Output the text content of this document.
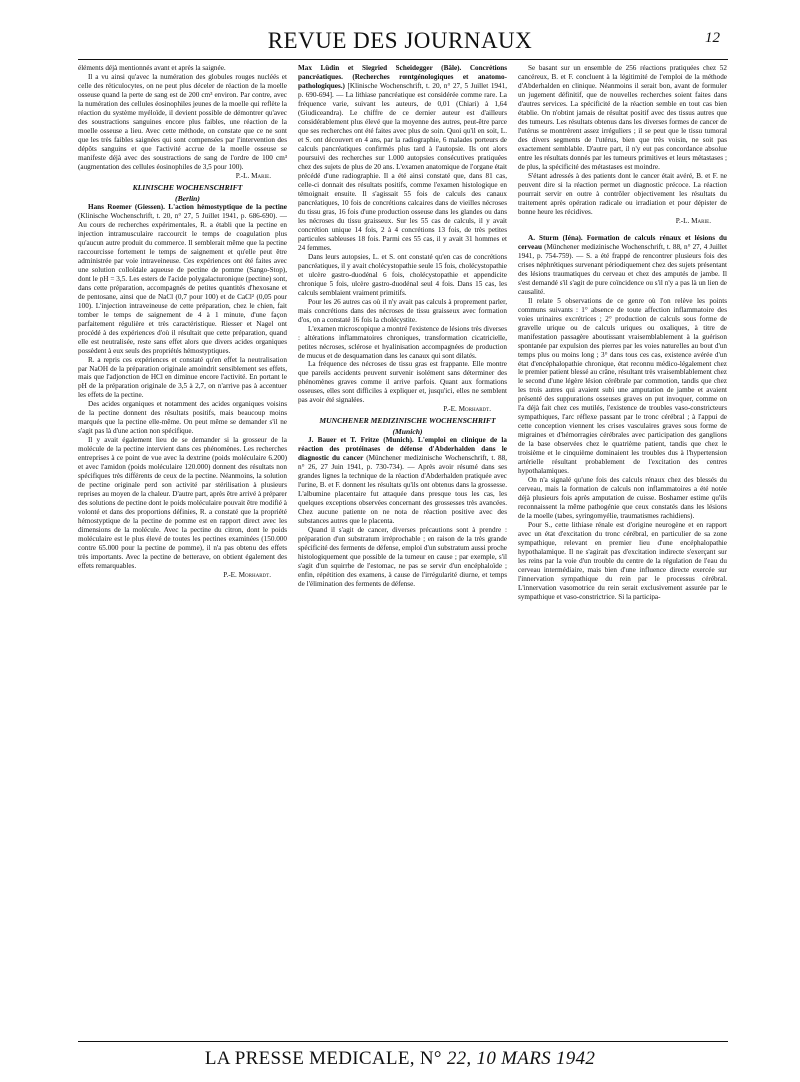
REVUE DES JOURNAUX	12

éléments déjà mentionnés avant et après la saignée.

Il a vu ainsi qu'avec la numération des globules rouges nucléés et celle des réticulocytes, on ne peut plus déceler de réaction de la moelle osseuse quand la perte de sang est de 200 cm³ environ. Par contre, avec la numération des cellules éosinophiles jeunes de la moelle qui reflète la réaction du système myéloïde, il devient possible de démontrer qu'avec des soustractions sanguines encore plus faibles, une réaction de la moelle osseuse a lieu. Avec cette méthode, on constate que ce ne sont que les très faibles saignées qui sont compensées par l'intervention des dépôts sanguins et que l'activité accrue de la moelle osseuse se manifeste déjà avec des soustractions de sang de l'ordre de 100 cm³ (augmentation des cellules éosinophiles de 3,5 pour 100).

P.-L. Marie.

KLINISCHE WOCHENSCHRIFT

(Berlin)

Hans Roemer (Giessen). L'action hémostyptique de la pectine (Klinische Wochenschrift, t. 20, n° 27, 5 Juillet 1941, p. 686-690). — Au cours de recherches expérimentales, R. a établi que la pectine en injection intramusculaire raccourcit le temps de coagulation plus qu'aucun autre produit du commerce. Il semblerait même que la pectine raccourcisse fortement le temps de saignement et qu'elle peut être administrée par voie intraveineuse. Ces expériences ont été faites avec une solution colloïdale aqueuse de pectine de pomme (Sango-Stop), dont le pH = 3,5. Les esters de l'acide polygalacturonique (pectine) sont, dans cette préparation, accompagnés de petites quantités d'hexosane et de pentosane, ainsi que de NaCl (0,7 pour 100) et de CaCl² (0,05 pour 100). L'injection intraveineuse de cette préparation, chez le chien, fait tomber le temps de saignement de 4 à 1 minute, d'une façon parfaitement régulière et très caractéristique. Riesser et Nagel ont procédé à des expériences d'où il résultait que cette préparation, quand elle est neutralisée, reste sans effet alors que divers acides organiques possèdent à eux seuls des propriétés hémostyptiques.

R. a repris ces expériences et constaté qu'en effet la neutralisation par NaOH de la préparation originale amoindrit sensiblement ses effets, mais que l'adjonction de HCl en diminue encore l'activité. En portant le pH de la préparation originale de 3,5 à 2,7, on n'arrive pas à accentuer les effets de la pectine.

Des acides organiques et notamment des acides organiques voisins de la pectine donnent des résultats positifs, mais beaucoup moins marqués que la pectine elle-même. On peut même se demander s'il ne s'agit pas là d'une action non spécifique.

Il y avait également lieu de se demander si la grosseur de la molécule de la pectine intervient dans ces phénomènes. Les recherches entreprises à ce point de vue avec la dextrine (poids moléculaire 6.200) et avec l'amidon (poids moléculaire 120.000) donnent des résultats non spécifiques très différents de ceux de la pectine. Néanmoins, la solution de pectine originale perd son activité par stérilisation à plusieurs reprises au moyen de la chaleur. D'autre part, après être arrivé à préparer des solutions de pectine dont le poids moléculaire pouvait être modifié à volonté et dans des proportions définies, R. a constaté que la propriété hémostyptique de la pectine de pomme est en rapport direct avec les dimensions de la molécule. Avec la pectine du citron, dont le poids moléculaire est le plus élevé de toutes les pectines examinées (150.000 contre 65.000 pour la pectine de pomme), il n'a pas obtenu des effets très importants. Avec la pectine de betterave, on obtient également des effets remarquables.

P.-E. Morhardt.

Max Lüdin et Siegried Scheidegger (Bâle). Concrétions pancréatiques. (Recherches rœntgénologiques et anatomo-pathologiques.) [Klinische Wochenschrift, t. 20, n° 27, 5 Juillet 1941, p. 690-694]. — La lithiase pancréatique est considérée comme rare. La fréquence varie, suivant les auteurs, de 0,01 (Chiari) à 1,64 (Giudiceandra). Le chiffre de ce dernier auteur est d'ailleurs considérablement plus élevé que la moyenne des autres, peut-être parce que ses recherches ont été faites avec plus de soin. Quoi qu'il en soit, L. et S. ont découvert en 4 ans, par la radiographie, 6 malades porteurs de calculs pancréatiques confirmés plus tard à l'autopsie. Ils ont alors poursuivi des recherches sur 1.000 autopsies consécutives pratiquées chez des sujets de plus de 20 ans. L'examen anatomique de l'organe était précédé d'une radiographie. Il a été ainsi constaté que, dans 81 cas, celle-ci donnait des résultats positifs, comme l'examen histologique en témoignait ensuite. Il s'agissait 55 fois de calculs des canaux pancréatiques, 10 fois de concrétions calcaires dans de vieilles nécroses du tissu gras, 16 fois d'une production osseuse dans les glandes ou dans les nécroses du tissu graisseux. Sur les 55 cas de calculs, il y avait concrétion unique 14 fois, 2 à 4 concrétions 13 fois, de très petites particules sableuses 18 fois. Parmi ces 55 cas, il y avait 31 hommes et 24 femmes.

Dans leurs autopsies, L. et S. ont constaté qu'en cas de concrétions pancréatiques, il y avait cholécystopathie seule 15 fois, cholécystopathie et ulcère gastro-duodénal 6 fois, cholécystopathie et appendicite chronique 5 fois, ulcère gastro-duodénal seul 4 fois. Dans 15 cas, les calculs semblaient vraiment primitifs.

Pour les 26 autres cas où il n'y avait pas calculs à proprement parler, mais concrétions dans des nécroses de tissu graisseux avec formation d'os, on a constaté 16 fois la cholécystite.

L'examen microscopique a montré l'existence de lésions très diverses : altérations inflammatoires chroniques, transformation cicatricielle, petites nécroses, sclérose et hyalinisation accompagnées de production de mucus et de desquamation dans les canaux qui sont dilatés.

La fréquence des nécroses de tissu gras est frappante. Elle montre que pareils accidents peuvent survenir isolément sans déterminer des phénomènes graves comme il arrive parfois. Quant aux formations osseuses, elles sont difficiles à expliquer et, jusqu'ici, elles ne semblent pas avoir été signalées.

P.-E. Morhardt.

MUNCHENER MEDIZINISCHE WOCHENSCHRIFT

(Munich)

J. Bauer et T. Fritze (Munich). L'emploi en clinique de la réaction des protéinases de défense d'Abderhalden dans le diagnostic du cancer (Münchener medizinische Wochenschrift, t. 88, n° 26, 27 Juin 1941, p. 730-734). — Après avoir résumé dans ses grandes lignes la technique de la réaction d'Abderhalden pratiquée avec l'urine, B. et F. donnent les résultats qu'ils ont obtenus dans la grossesse. L'albumine placentaire fut attaquée dans presque tous les cas, les quelques exceptions observées concernant des grossesses très avancées. Chez aucune patiente on ne nota de réaction positive avec des substances autres que le placenta.

Quand il s'agit de cancer, diverses précautions sont à prendre : préparation d'un substratum irréprochable ; en raison de la très grande spécificité des ferments de défense, emploi d'un substratum aussi proche histologiquement que possible de la tumeur en cause ; par exemple, s'il s'agit d'un squirrhe de l'estomac, ne pas se servir d'un encéphaloïde ; enfin, répétition des examens, à cause de l'irrégularité diurne, et temps de l'élimination des ferments de défense.

Se basant sur un ensemble de 256 réactions pratiquées chez 52 cancéreux, B. et F. concluent à la légitimité de l'emploi de la méthode d'Abderhalden en clinique. Néanmoins il serait bon, avant de formuler un jugement définitif, que de nouvelles recherches soient faites dans d'autres services. La spécificité de la réaction semble en tout cas bien établie. On n'obtint jamais de résultat positif avec des tissus autres que des tumeurs. Les résultats obtenus dans les diverses formes de cancer de l'utérus se montrèrent assez irréguliers ; il se peut que le tissu tumoral des divers segments de l'utérus, bien que très voisin, ne soit pas exactement semblable. D'autre part, il n'y eut pas concordance absolue entre les résultats donnés par les tumeurs primitives et leurs métastases ; de plus, la spécificité des métastases est moindre.

S'étant adressés à des patients dont le cancer était avéré, B. et F. ne peuvent dire si la réaction permet un diagnostic précoce. La réaction pourrait servir en outre à contrôler objectivement les résultats du traitement après opération radicale ou irradiation et pour dépister de bonne heure les récidives.

P.-L. Marie.

A. Sturm (Iéna). Formation de calculs rénaux et lésions du cerveau (Münchener medizinische Wochenschrift, t. 88, n° 27, 4 Juillet 1941, p. 754-759). — S. a été frappé de rencontrer plusieurs fois des crises néphrétiques survenant périodiquement chez des sujets présentant des lésions traumatiques du cerveau et chez des amputés de jambe. Il s'est demandé s'il s'agit de pure coïncidence ou s'il n'y a pas là un lien de causalité.

Il relate 5 observations de ce genre où l'on relève les points communs suivants : 1° absence de toute affection inflammatoire des voies urinaires excrétrices ; 2° production de calculs sous forme de gravelle urique ou de calculs uriques ou oxaliques, à titre de manifestation passagère aboutissant vraisemblablement à la guérison spontanée par expulsion des pierres par les voies naturelles au bout d'un temps plus ou moins long ; 3° dans tous ces cas, existence avérée d'un état d'encéphalopathie chronique, état reconnu médico-légalement chez le premier patient blessé au crâne, résultant très vraisemblablement chez le second d'une légère lésion cérébrale par commotion, tandis que chez les trois autres qui avaient subi une amputation de jambe et avaient présenté des suppurations osseuses graves on put invoquer, comme on l'a déjà fait chez ces mutilés, l'existence de troubles vaso-constricteurs sympathiques, l'arc réflexe passant par le tronc cérébral ; à l'appui de cette conception viennent les crises vasculaires graves sous forme de migraines et d'hémorragies cérébrales avec participation des ganglions de la base observées chez le quatrième patient, tandis que chez le troisième et le cinquième dominaient les troubles dus à l'hypertension artérielle résultant probablement de l'excitation des centres hypothalamiques.

On n'a signalé qu'une fois des calculs rénaux chez des blessés du cerveau, mais la formation de calculs non inflammatoires a été notée déjà plusieurs fois après amputation de cuisse. Boshamer estime qu'ils reconnaissent la même pathogénie que ceux constatés dans les lésions de la moelle (tabes, syringomyélie, traumatismes rachidiens).

Pour S., cette lithiase rénale est d'origine neurogène et en rapport avec un état d'excitation du tronc cérébral, en particulier de sa zone sympathique, relevant en premier lieu d'une encéphalopathie hypothalamique. Il ne s'agirait pas d'excitation indirecte s'exerçant sur les reins par la voie d'un trouble du centre de la régulation de l'eau du cerveau intermédiaire, mais bien d'une influence directe exercée sur l'innervation sympathique du rein par le processus cérébral. L'innervation vasomotrice du rein serait exclusivement assurée par le sympathique et vaso-constrictrice. Si la participa-

LA PRESSE MEDICALE, N° 22, 10 MARS 1942
